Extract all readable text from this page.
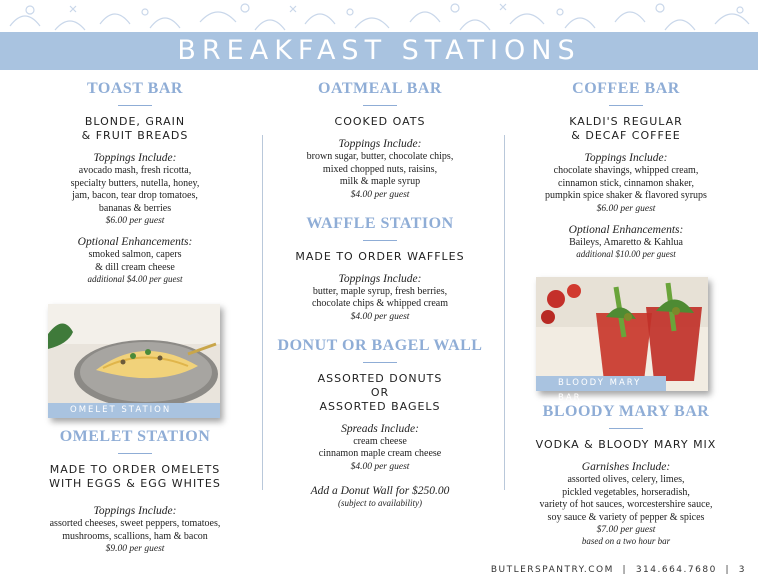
BREAKFAST STATIONS
TOAST BAR
BLONDE, GRAIN
& FRUIT BREADS
Toppings Include:
avocado mash, fresh ricotta,
specialty butters, nutella, honey,
jam, bacon, tear drop tomatoes,
bananas & berries
$6.00 per guest
Optional Enhancements:
smoked salmon, capers
& dill cream cheese
additional $4.00 per guest
OMELET STATION
OMELET STATION
MADE TO ORDER OMELETS
WITH EGGS & EGG WHITES
Toppings Include:
assorted cheeses, sweet peppers, tomatoes,
mushrooms, scallions, ham & bacon
$9.00 per guest
OATMEAL BAR
COOKED OATS
Toppings Include:
brown sugar, butter, chocolate chips,
mixed chopped nuts, raisins,
milk & maple syrup
$4.00 per guest
WAFFLE STATION
MADE TO ORDER WAFFLES
Toppings Include:
butter, maple syrup, fresh berries,
chocolate chips & whipped cream
$4.00 per guest
DONUT OR BAGEL WALL
ASSORTED DONUTS
OR
ASSORTED BAGELS
Spreads Include:
cream cheese
cinnamon maple cream cheese
$4.00 per guest
Add a Donut Wall for $250.00
(subject to availability)
COFFEE BAR
KALDI'S REGULAR
& DECAF COFFEE
Toppings Include:
chocolate shavings, whipped cream,
cinnamon stick, cinnamon shaker,
pumpkin spice shaker & flavored syrups
$6.00 per guest
Optional Enhancements:
Baileys, Amaretto & Kahlua
additional $10.00 per guest
BLOODY MARY BAR
BLOODY MARY BAR
VODKA & BLOODY MARY MIX
Garnishes Include:
assorted olives, celery, limes,
pickled vegetables, horseradish,
variety of hot sauces, worcestershire sauce,
soy sauce & variety of pepper & spices
$7.00 per guest
based on a two hour bar
BUTLERSPANTRY.COM  |  314.664.7680  |  3
